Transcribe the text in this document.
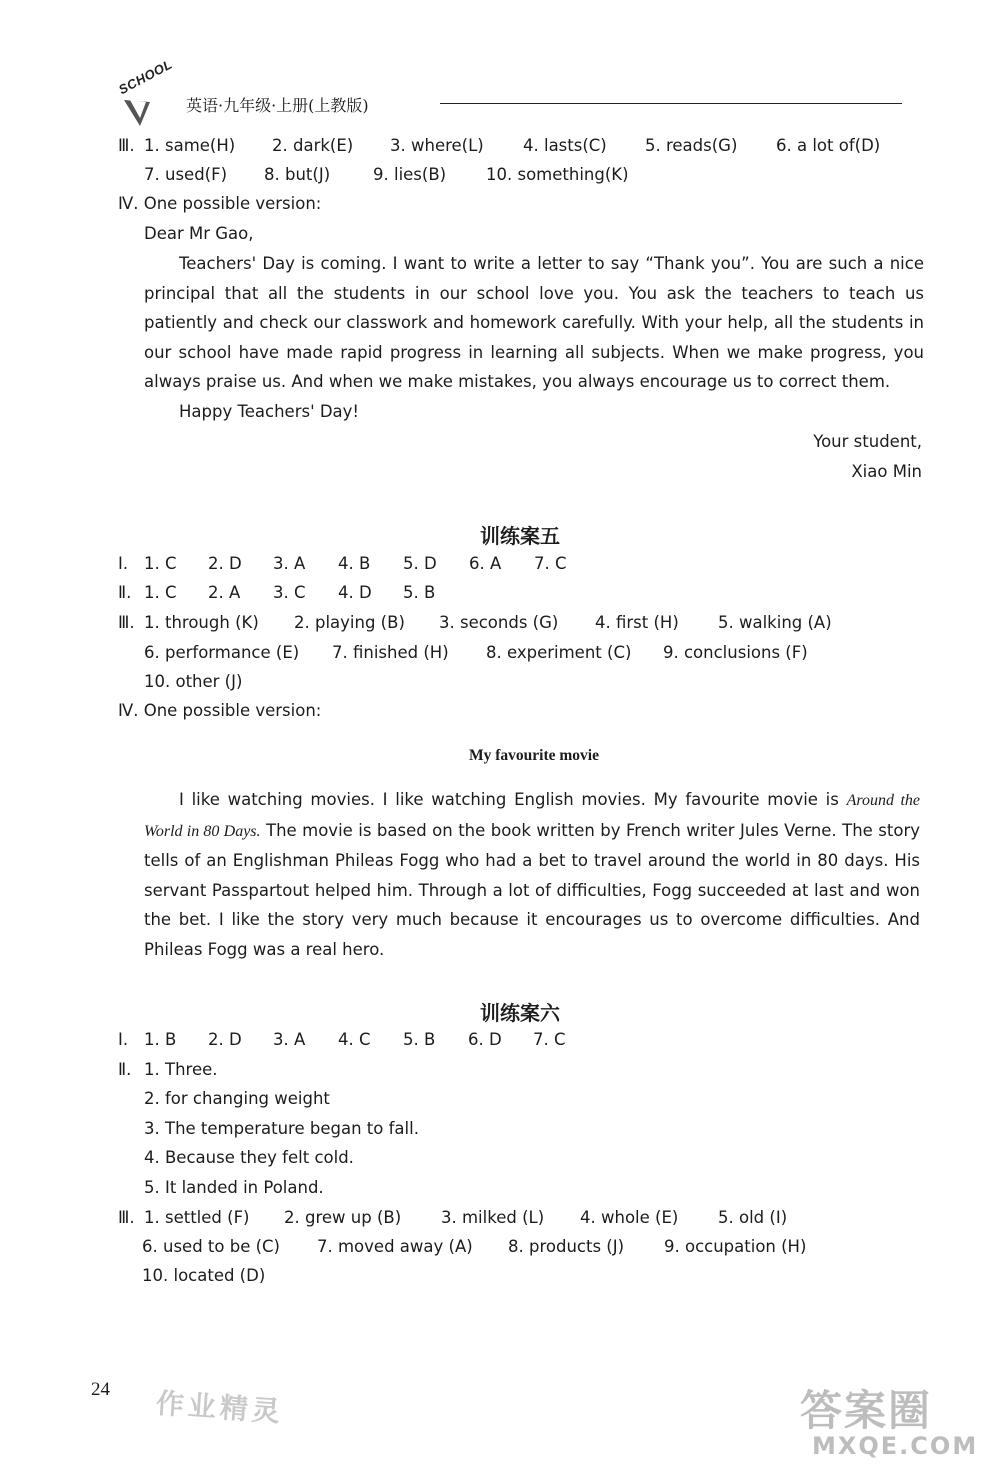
SCHOOL
英语·九年级·上册(上教版)
Ⅲ. 1. same(H) 2. dark(E) 3. where(L) 4. lasts(C) 5. reads(G) 6. a lot of(D)
7. used(F) 8. but(J)	9. lies(B) 10. something(K)
Ⅳ. One possible version:
Dear Mr Gao,
Teachers' Day is coming. I want to write a letter to say “Thank you”. You are such a nice principal that all the students in our school love you. You ask the teachers to teach us patiently and check our classwork and homework carefully. With your help, all the students in our school have made rapid progress in learning all subjects. When we make progress, you always praise us. And when we make mistakes, you always encourage us to correct them.
Happy Teachers' Day!
Your student,
Xiao Min
训练案五
Ⅰ. 1. C 2. D 3. A 4. B 5. D 6. A 7. C
Ⅱ. 1. C 2. A 3. C 4. D 5. B
Ⅲ. 1. through (K) 2. playing (B) 3. seconds (G) 4. first (H) 5. walking (A)
6. performance (E) 7. finished (H) 8. experiment (C) 9. conclusions (F)
10. other (J)
Ⅳ. One possible version:
My favourite movie
I like watching movies. I like watching English movies. My favourite movie is Around the World in 80 Days. The movie is based on the book written by French writer Jules Verne. The story tells of an Englishman Phileas Fogg who had a bet to travel around the world in 80 days. His servant Passpartout helped him. Through a lot of difficulties, Fogg succeeded at last and won the bet. I like the story very much because it encourages us to overcome difficulties. And Phileas Fogg was a real hero.
训练案六
Ⅰ. 1. B 2. D 3. A 4. C 5. B 6. D 7. C
Ⅱ. 1. Three.
2. for changing weight
3. The temperature began to fall.
4. Because they felt cold.
5. It landed in Poland.
Ⅲ. 1. settled (F) 2. grew up (B) 3. milked (L) 4. whole (E) 5. old (I)
6. used to be (C) 7. moved away (A) 8. products (J) 9. occupation (H)
10. located (D)
24 作业精灵	答案圈
MXQE.COM
